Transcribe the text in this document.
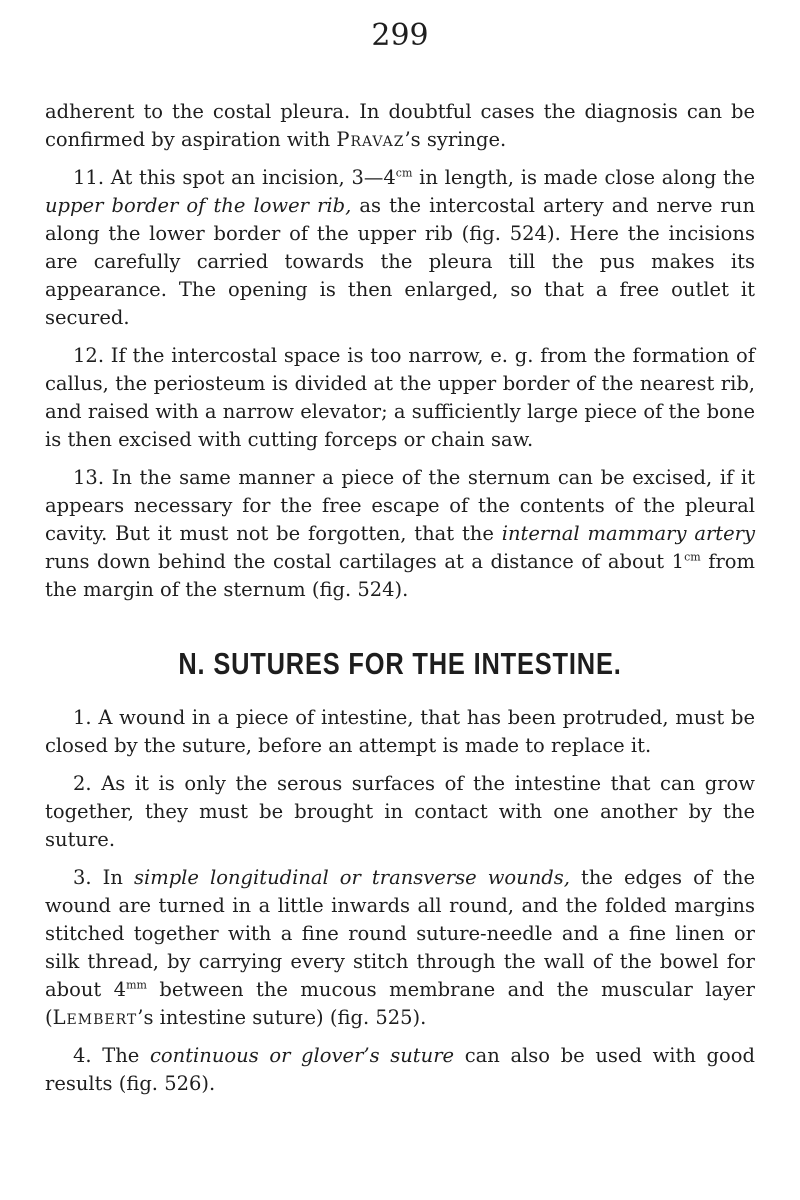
299

adherent to the costal pleura. In doubtful cases the diagnosis can be confirmed by aspiration with Pravaz’s syringe.

11. At this spot an incision, $3—4^{cm}$ in length, is made close along the upper border of the lower rib, as the intercostal artery and nerve run along the lower border of the upper rib (fig. 524). Here the incisions are carefully carried towards the pleura till the pus makes its appearance. The opening is then enlarged, so that a free outlet it secured.

12. If the intercostal space is too narrow, e. g. from the formation of callus, the periosteum is divided at the upper border of the nearest rib, and raised with a narrow elevator; a sufficiently large piece of the bone is then excised with cutting forceps or chain saw.

13. In the same manner a piece of the sternum can be excised, if it appears necessary for the free escape of the contents of the pleural cavity. But it must not be forgotten, that the internal mammary artery runs down behind the costal cartilages at a distance of about $1^{cm}$ from the margin of the sternum (fig. 524).

N. SUTURES FOR THE INTESTINE.

1. A wound in a piece of intestine, that has been protruded, must be closed by the suture, before an attempt is made to replace it.

2. As it is only the serous surfaces of the intestine that can grow together, they must be brought in contact with one another by the suture.

3. In simple longitudinal or transverse wounds, the edges of the wound are turned in a little inwards all round, and the folded margins stitched together with a fine round suture-needle and a fine linen or silk thread, by carrying every stitch through the wall of the bowel for about $4^{mm}$ between the mucous membrane and the muscular layer (Lembert’s intestine suture) (fig. 525).

4. The continuous or glover’s suture can also be used with good results (fig. 526).
